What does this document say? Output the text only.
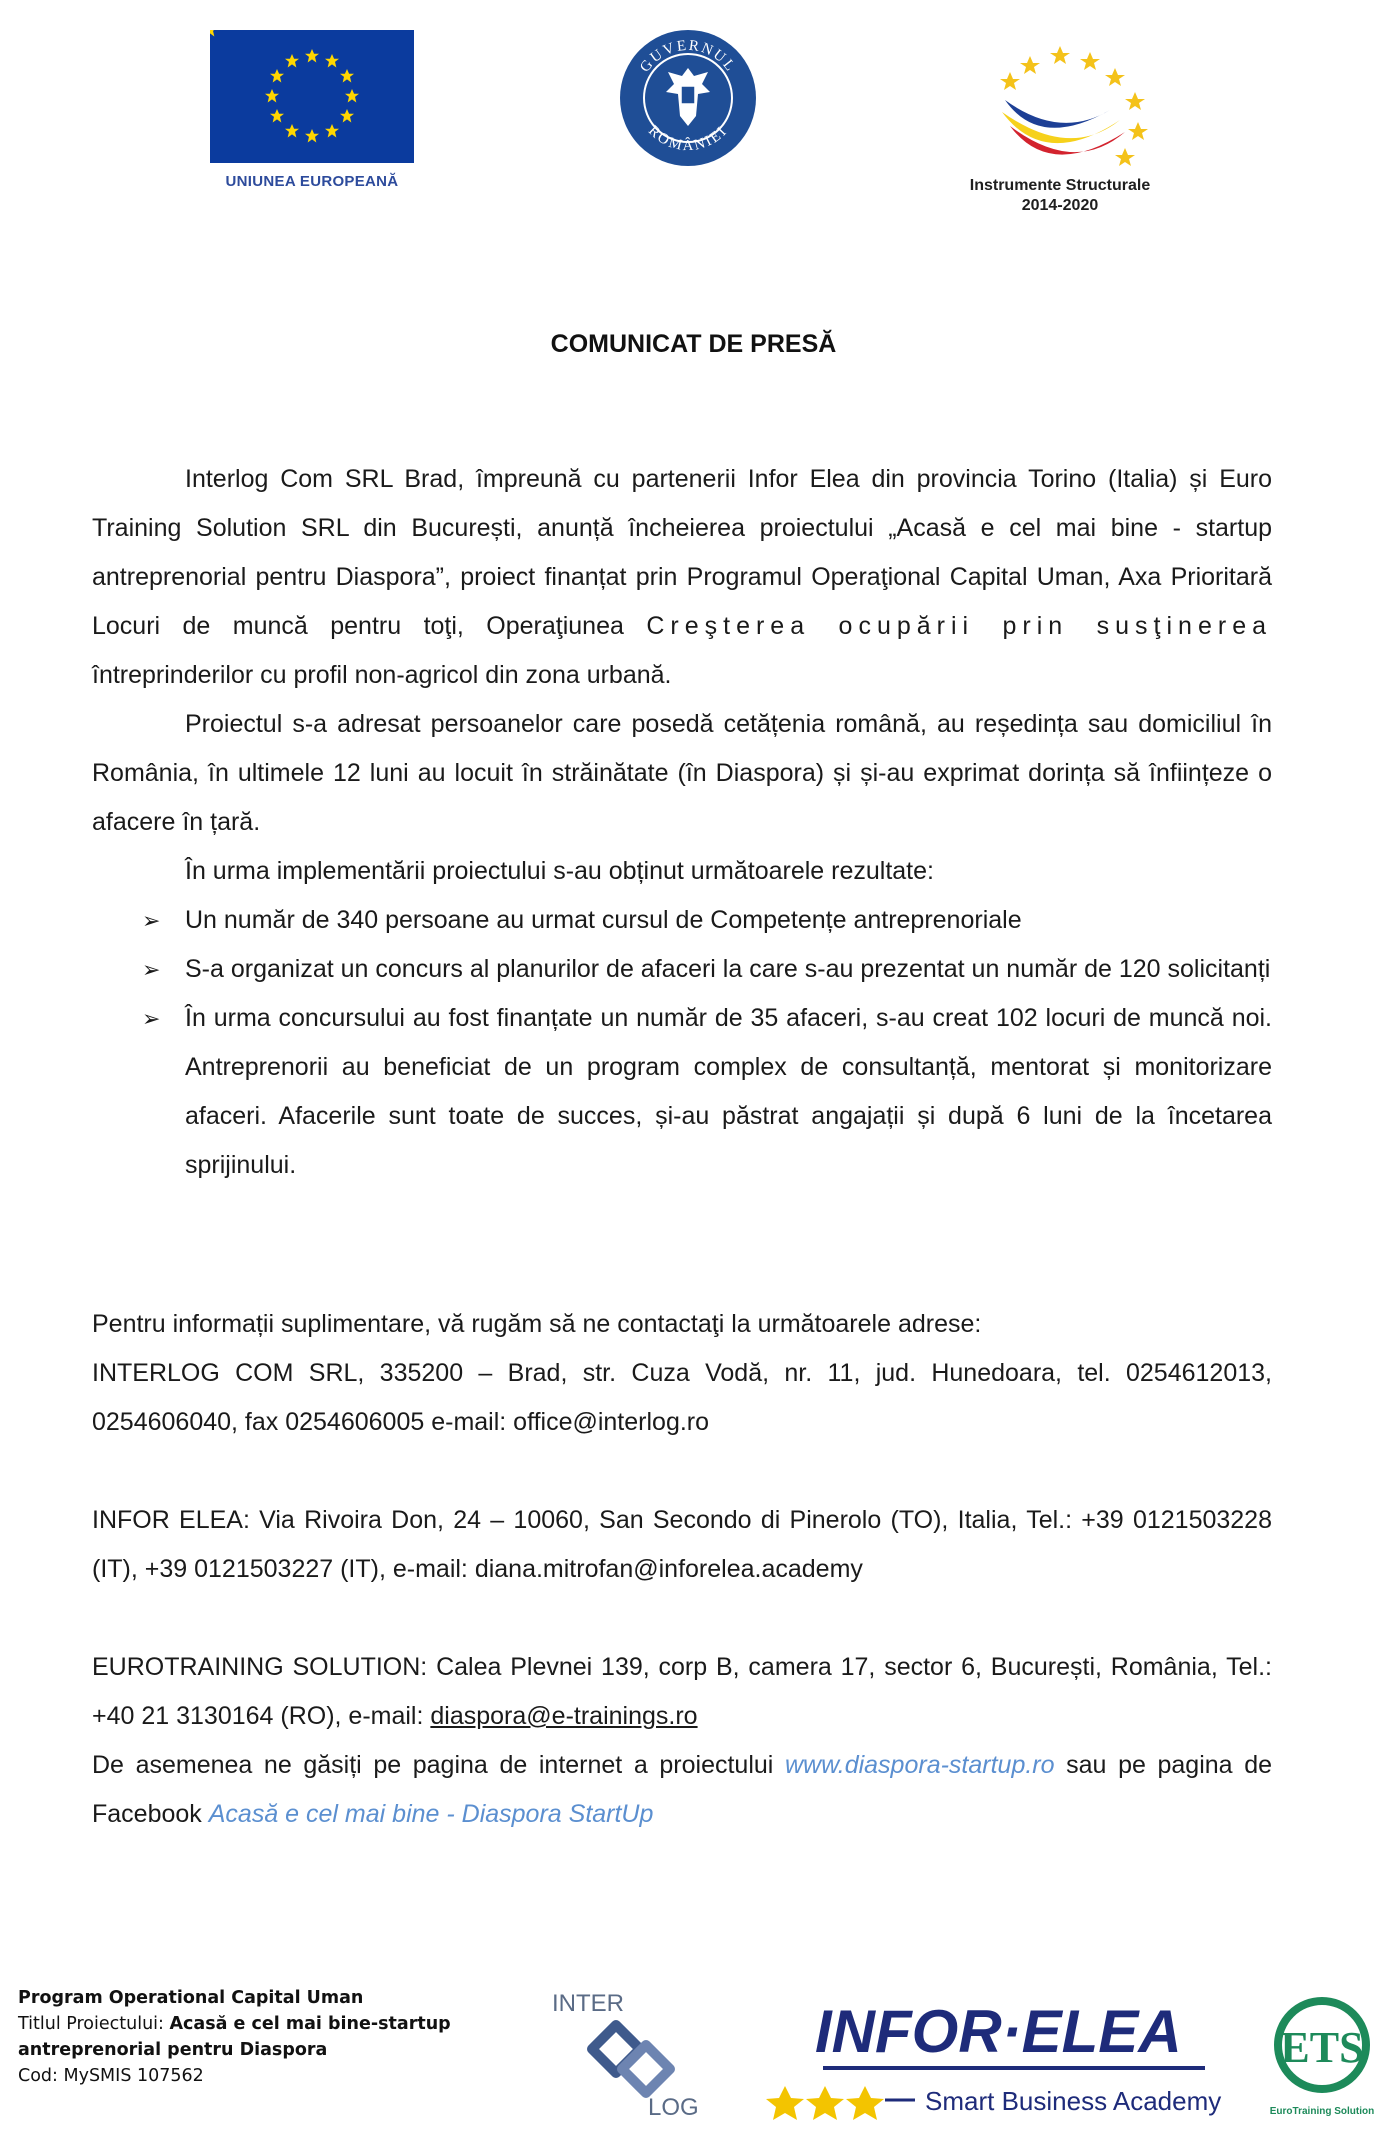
UNIUNEA EUROPEANĂ
GUVERNUL
ROMÂNIEI
Instrumente Structurale
2014-2020
COMUNICAT DE PRESĂ

Interlog Com SRL Brad, împreună cu partenerii Infor Elea din provincia Torino (Italia) și Euro Training Solution SRL din București, anunță încheierea proiectului „Acasă e cel mai bine - startup antreprenorial pentru Diaspora”, proiect finanțat prin Programul Operaţional Capital Uman, Axa Prioritară Locuri de muncă pentru toţi, Operaţiunea Creşterea ocupării prin susţinerea întreprinderilor cu profil non-agricol din zona urbană.

Proiectul s-a adresat persoanelor care posedă cetățenia română, au reședința sau domiciliul în România, în ultimele 12 luni au locuit în străinătate (în Diaspora) și și-au exprimat dorința să înființeze o afacere în țară.

În urma implementării proiectului s-au obținut următoarele rezultate:

➢ Un număr de 340 persoane au urmat cursul de Competențe antreprenoriale
➢ S-a organizat un concurs al planurilor de afaceri la care s-au prezentat un număr de 120 solicitanți
➢ În urma concursului au fost finanțate un număr de 35 afaceri, s-au creat 102 locuri de muncă noi. Antreprenorii au beneficiat de un program complex de consultanță, mentorat și monitorizare afaceri. Afacerile sunt toate de succes, și-au păstrat angajații și după 6 luni de la încetarea sprijinului.

Pentru informații suplimentare, vă rugăm să ne contactaţi la următoarele adrese:

INTERLOG COM SRL, 335200 – Brad, str. Cuza Vodă, nr. 11, jud. Hunedoara, tel. 0254612013, 0254606040, fax 0254606005 e-mail: office@interlog.ro

INFOR ELEA: Via Rivoira Don, 24 – 10060, San Secondo di Pinerolo (TO), Italia, Tel.: +39 0121503228 (IT), +39 0121503227 (IT), e-mail: diana.mitrofan@inforelea.academy

EUROTRAINING SOLUTION: Calea Plevnei 139, corp B, camera 17, sector 6, București, România, Tel.: +40 21 3130164 (RO), e-mail: diaspora@e-trainings.ro

De asemenea ne găsiți pe pagina de internet a proiectului www.diaspora-startup.ro sau pe pagina de Facebook Acasă e cel mai bine - Diaspora StartUp

Program Operational Capital Uman
Titlul Proiectului: Acasă e cel mai bine-startup antreprenorial pentru Diaspora
Cod: MySMIS 107562
INTER
LOG
INFOR·ELEA
Smart Business Academy
ETS
EuroTraining Solution
